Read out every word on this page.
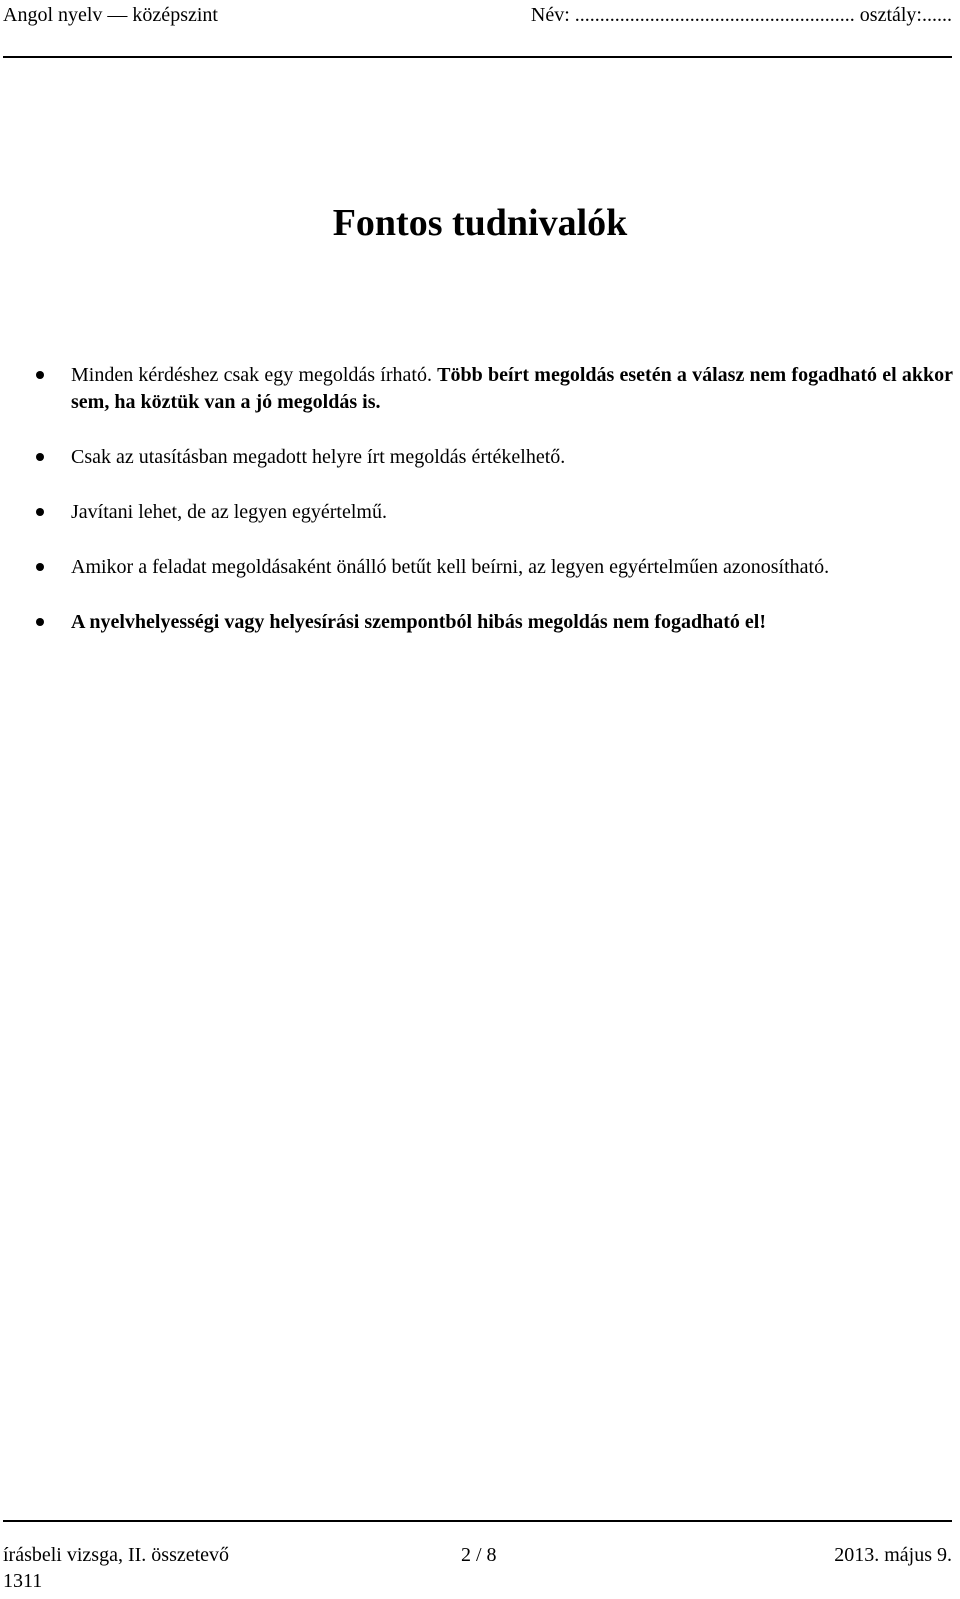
Angol nyelv — középszint	Név: ........................................................ osztály:......
Fontos tudnivalók
Minden kérdéshez csak egy megoldás írható. Több beírt megoldás esetén a válasz nem fogadható el akkor sem, ha köztük van a jó megoldás is.
Csak az utasításban megadott helyre írt megoldás értékelhető.
Javítani lehet, de az legyen egyértelmű.
Amikor a feladat megoldásaként önálló betűt kell beírni, az legyen egyértelműen azonosítható.
A nyelvhelyességi vagy helyesírási szempontból hibás megoldás nem fogadható el!
írásbeli vizsga, II. összetevő	2 / 8	2013. május 9.
1311
